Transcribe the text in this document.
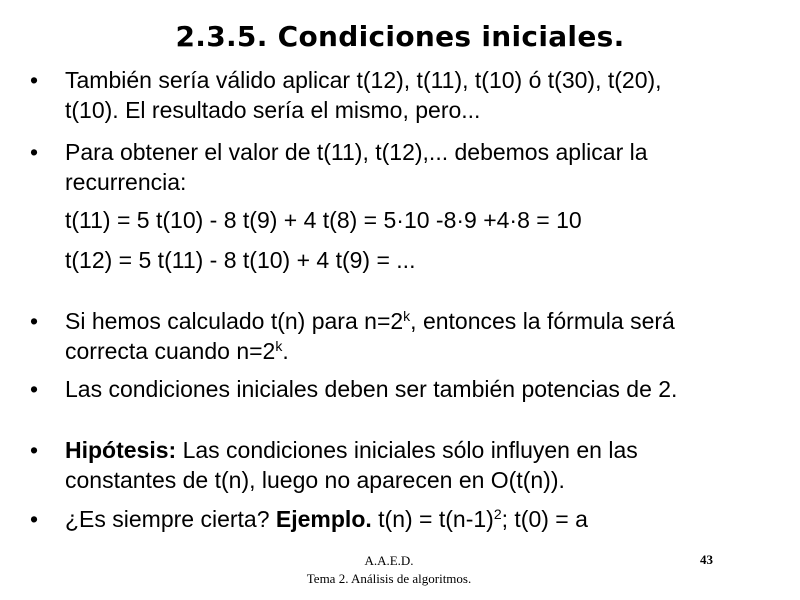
2.3.5. Condiciones iniciales.
• También sería válido aplicar t(12), t(11), t(10) ó t(30), t(20),
t(10). El resultado sería el mismo, pero...
• Para obtener el valor de t(11), t(12),... debemos aplicar la
recurrencia:
t(11) = 5 t(10) - 8 t(9) + 4 t(8) = 5·10 -8·9 +4·8 = 10
t(12) = 5 t(11) - 8 t(10) + 4 t(9) = ...
• Si hemos calculado t(n) para $n=2^k$, entonces la fórmula será
correcta cuando $n=2^k$.
• Las condiciones iniciales deben ser también potencias de 2.
• Hipótesis: Las condiciones iniciales sólo influyen en las
constantes de t(n), luego no aparecen en O(t(n)).
• ¿Es siempre cierta? Ejemplo. $t(n) = t(n-1)^2$; t(0) = a
A.A.E.D.
Tema 2. Análisis de algoritmos.
43
